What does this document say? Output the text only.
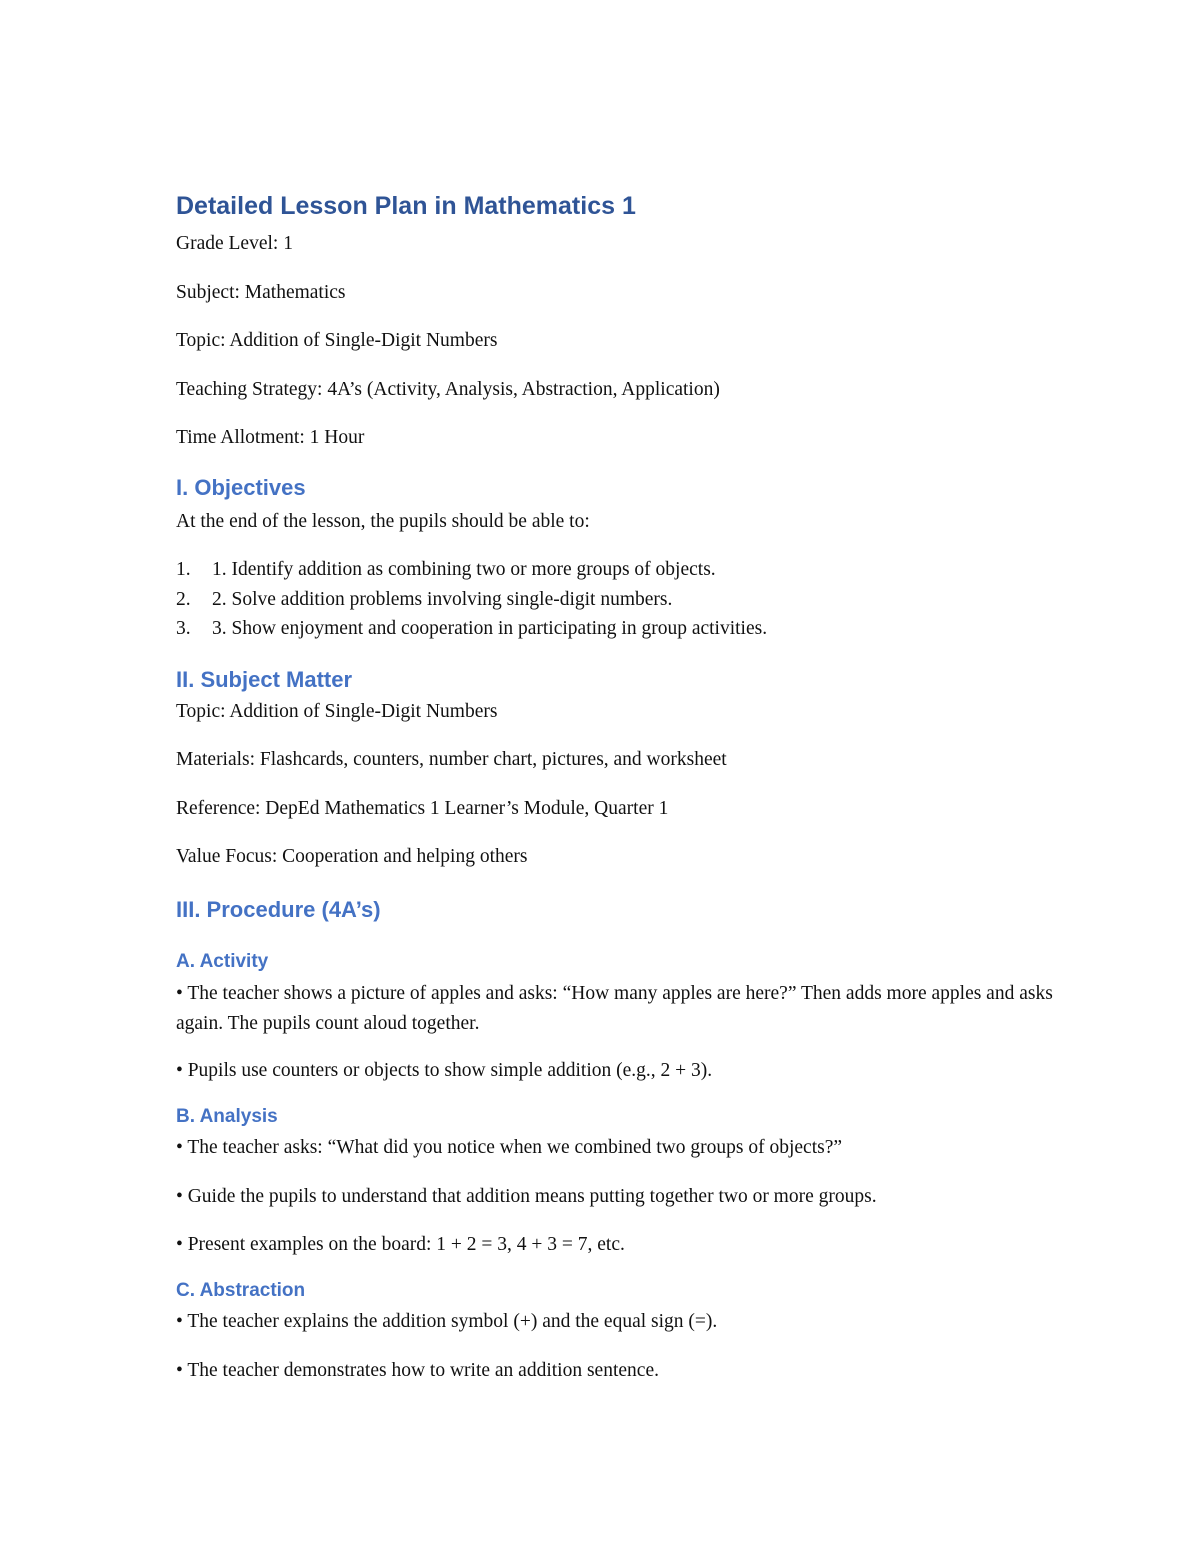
Detailed Lesson Plan in Mathematics 1

Grade Level: 1

Subject: Mathematics

Topic: Addition of Single-Digit Numbers

Teaching Strategy: 4A’s (Activity, Analysis, Abstraction, Application)

Time Allotment: 1 Hour

I. Objectives

At the end of the lesson, the pupils should be able to:

1. 1. Identify addition as combining two or more groups of objects.
2. 2. Solve addition problems involving single-digit numbers.
3. 3. Show enjoyment and cooperation in participating in group activities.
II. Subject Matter

Topic: Addition of Single-Digit Numbers

Materials: Flashcards, counters, number chart, pictures, and worksheet

Reference: DepEd Mathematics 1 Learner’s Module, Quarter 1

Value Focus: Cooperation and helping others

III. Procedure (4A’s)
A. Activity

• The teacher shows a picture of apples and asks: “How many apples are here?” Then adds more apples and asks again. The pupils count aloud together.

• Pupils use counters or objects to show simple addition (e.g., 2 + 3).

B. Analysis

• The teacher asks: “What did you notice when we combined two groups of objects?”

• Guide the pupils to understand that addition means putting together two or more groups.

• Present examples on the board: 1 + 2 = 3, 4 + 3 = 7, etc.

C. Abstraction

• The teacher explains the addition symbol (+) and the equal sign (=).

• The teacher demonstrates how to write an addition sentence.
